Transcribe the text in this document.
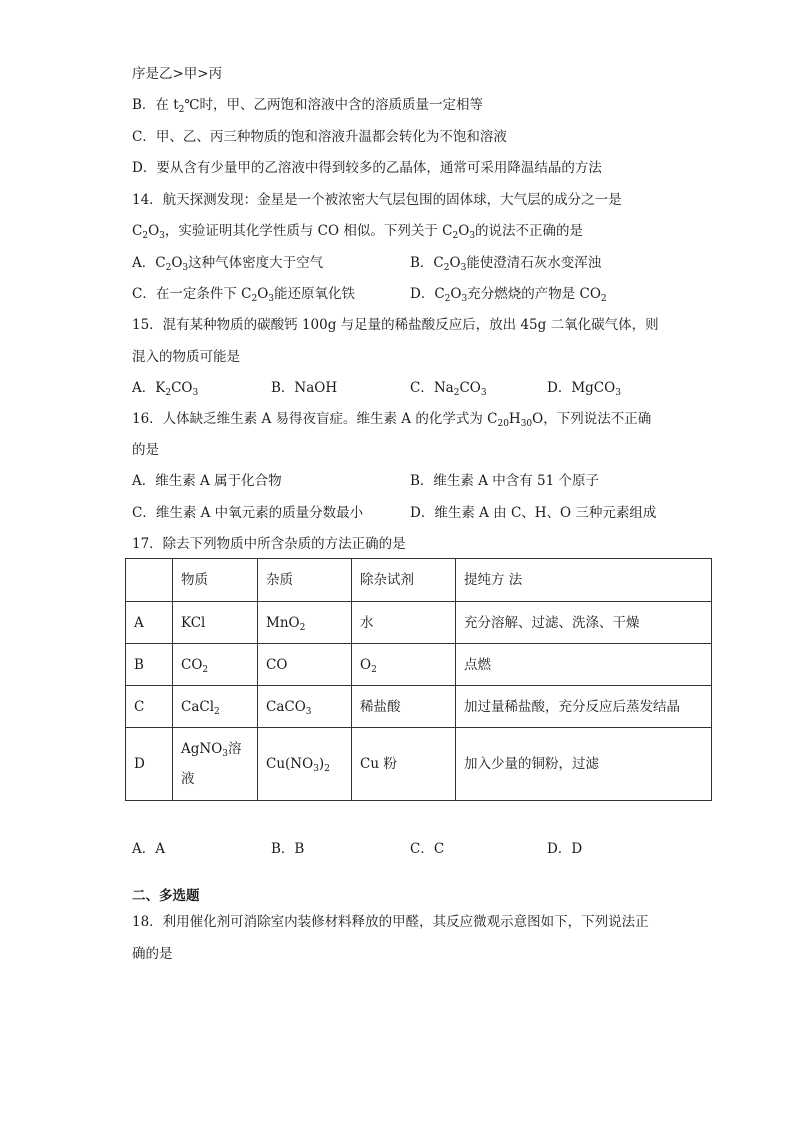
序是乙>甲>丙
B．在 $t_2℃$时，甲、乙两饱和溶液中含的溶质质量一定相等
C．甲、乙、丙三种物质的饱和溶液升温都会转化为不饱和溶液
D．要从含有少量甲的乙溶液中得到较多的乙晶体，通常可采用降温结晶的方法
14．航天探测发现：金星是一个被浓密大气层包围的固体球，大气层的成分之一是
$C_2O_3$，实验证明其化学性质与 CO 相似。下列关于 $C_2O_3$的说法不正确的是
A．$C_2O_3$这种气体密度大于空气	B．$C_2O_3$能使澄清石灰水变浑浊
C．在一定条件下 $C_2O_3$能还原氧化铁	D．$C_2O_3$充分燃烧的产物是 $CO_2$
15．混有某种物质的碳酸钙 100g 与足量的稀盐酸反应后，放出 45g 二氧化碳气体，则
混入的物质可能是
A．$K_2CO_3$	B．NaOH	C．$Na_2CO_3$	D．MgCO$_3$
16．人体缺乏维生素 A 易得夜盲症。维生素 A 的化学式为 $C_{20}H_{30}O$，下列说法不正确
的是
A．维生素 A 属于化合物	B．维生素 A 中含有 51 个原子
C．维生素 A 中氧元素的质量分数最小	D．维生素 A 由 C、H、O 三种元素组成
17．除去下列物质中所含杂质的方法正确的是
	物质	杂质	除杂试剂	提纯方 法
A	KCl	MnO$_2$	水	充分溶解、过滤、洗涤、干燥
B	$CO_2$	CO	$O_2$	点燃
C	CaCl$_2$	CaCO$_3$	稀盐酸	加过量稀盐酸，充分反应后蒸发结晶
D	AgNO$_3$溶
液	$Cu(NO_3)_2$	Cu 粉	加入少量的铜粉，过滤
A．A	B．B	C．C	D．D
二、多选题
18．利用催化剂可消除室内装修材料释放的甲醛，其反应微观示意图如下，下列说法正
确的是
